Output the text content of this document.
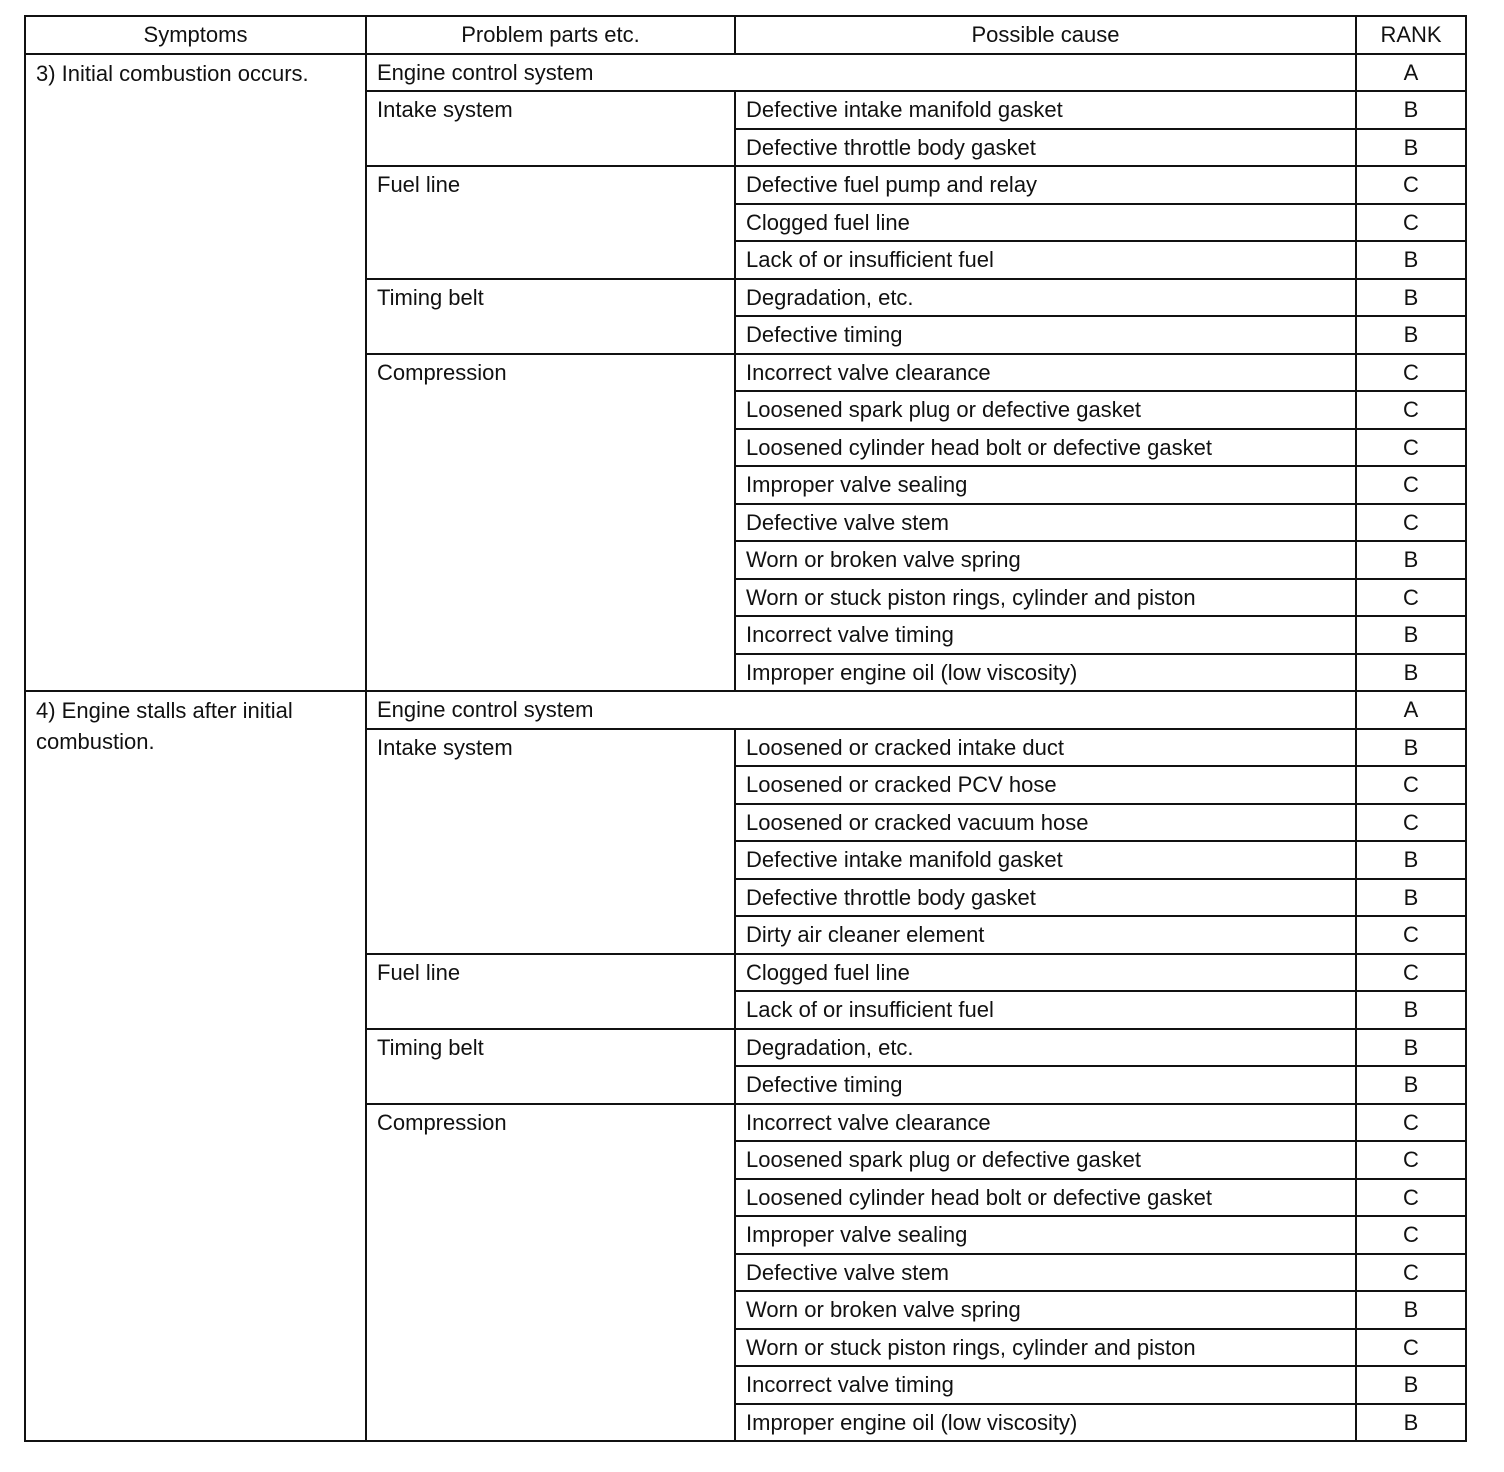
Symptoms	Problem parts etc.	Possible cause	RANK
3) Initial combustion occurs.	Engine control system		A
	Intake system	Defective intake manifold gasket	B
		Defective throttle body gasket	B
	Fuel line	Defective fuel pump and relay	C
		Clogged fuel line	C
		Lack of or insufficient fuel	B
	Timing belt	Degradation, etc.	B
		Defective timing	B
	Compression	Incorrect valve clearance	C
		Loosened spark plug or defective gasket	C
		Loosened cylinder head bolt or defective gasket	C
		Improper valve sealing	C
		Defective valve stem	C
		Worn or broken valve spring	B
		Worn or stuck piston rings, cylinder and piston	C
		Incorrect valve timing	B
		Improper engine oil (low viscosity)	B
4) Engine stalls after initial combustion.	Engine control system		A
	Intake system	Loosened or cracked intake duct	B
		Loosened or cracked PCV hose	C
		Loosened or cracked vacuum hose	C
		Defective intake manifold gasket	B
		Defective throttle body gasket	B
		Dirty air cleaner element	C
	Fuel line	Clogged fuel line	C
		Lack of or insufficient fuel	B
	Timing belt	Degradation, etc.	B
		Defective timing	B
	Compression	Incorrect valve clearance	C
		Loosened spark plug or defective gasket	C
		Loosened cylinder head bolt or defective gasket	C
		Improper valve sealing	C
		Defective valve stem	C
		Worn or broken valve spring	B
		Worn or stuck piston rings, cylinder and piston	C
		Incorrect valve timing	B
		Improper engine oil (low viscosity)	B
